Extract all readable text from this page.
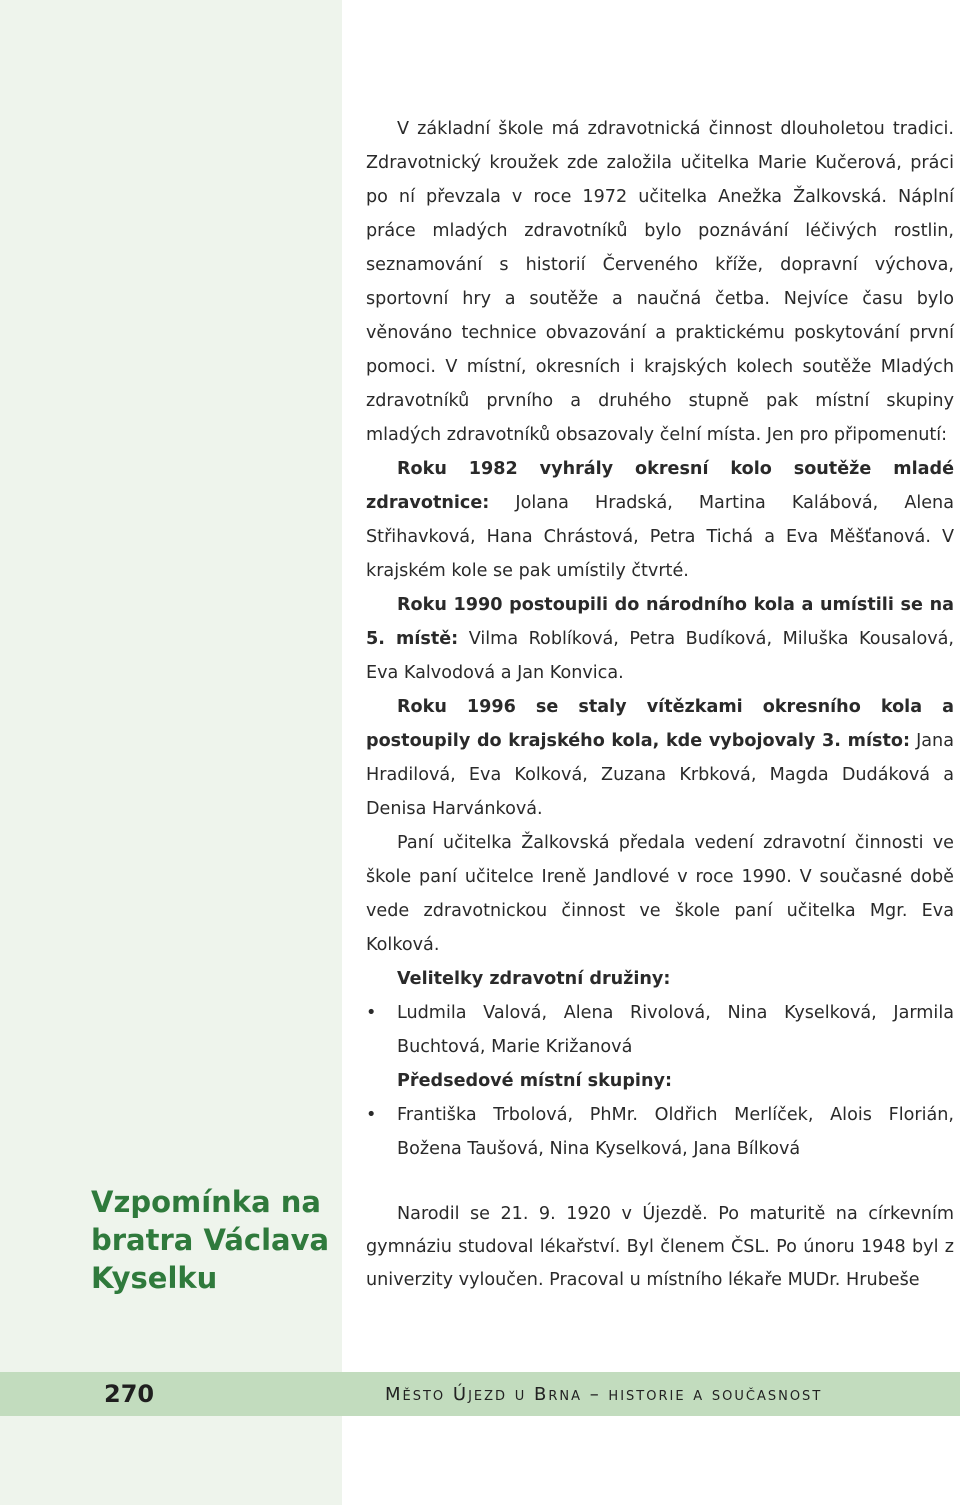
V základní škole má zdravotnická činnost dlouholetou tradici. Zdravotnický kroužek zde založila učitelka Marie Kučerová, práci po ní převzala v roce 1972 učitelka Anežka Žalkovská. Náplní práce mladých zdravotníků bylo poznávání léčivých rostlin, seznamování s historií Červeného kříže, dopravní výchova, sportovní hry a soutěže a naučná četba. Nejvíce času bylo věnováno technice obvazování a praktickému poskytování první pomoci. V místní, okresních i krajských kolech soutěže Mladých zdravotníků prvního a druhého stupně pak místní skupiny mladých zdravotníků obsazovaly čelní místa. Jen pro připomenutí:

Roku 1982 vyhrály okresní kolo soutěže mladé zdravotnice: Jolana Hradská, Martina Kalábová, Alena Střihavková, Hana Chrástová, Petra Tichá a Eva Měšťanová. V krajském kole se pak umístily čtvrté.

Roku 1990 postoupili do národního kola a umístili se na 5. místě: Vilma Roblíková, Petra Budíková, Miluška Kousalová, Eva Kalvodová a Jan Konvica.

Roku 1996 se staly vítězkami okresního kola a postoupily do krajského kola, kde vybojovaly 3. místo: Jana Hradilová, Eva Kolková, Zuzana Krbková, Magda Dudáková a Denisa Harvánková.

Paní učitelka Žalkovská předala vedení zdravotní činnosti ve škole paní učitelce Ireně Jandlové v roce 1990. V současné době vede zdravotnickou činnost ve škole paní učitelka Mgr. Eva Kolková.

Velitelky zdravotní družiny:

• Ludmila Valová, Alena Rivolová, Nina Kyselková, Jarmila Buchtová, Marie Križanová

Předsedové místní skupiny:

• Františka Trbolová, PhMr. Oldřich Merlíček, Alois Florián, Božena Taušová, Nina Kyselková, Jana Bílková

Vzpomínka na bratra Václava Kyselku

Narodil se 21. 9. 1920 v Újezdě. Po maturitě na církevním gymnáziu studoval lékařství. Byl členem ČSL. Po únoru 1948 byl z univerzity vyloučen. Pracoval u místního lékaře MUDr. Hrubeše

270	Město Újezd u Brna – historie a současnost
